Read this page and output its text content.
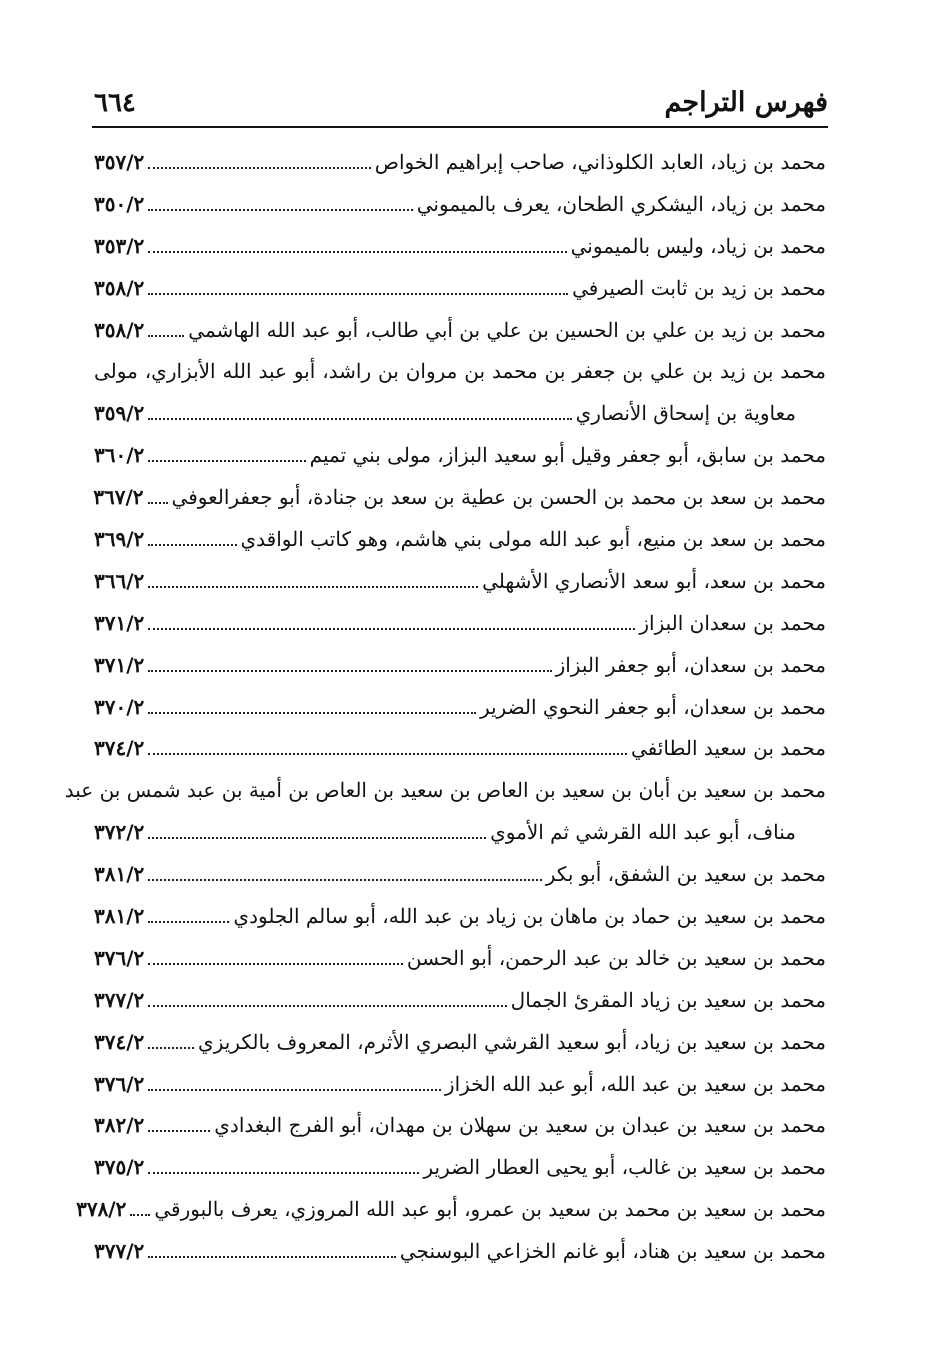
فهرس التراجم
٦٦٤
محمد بن زياد، العابد الكلوذاني، صاحب إبراهيم الخواص
٣٥٧/٢
محمد بن زياد، اليشكري الطحان، يعرف بالميموني
٣٥٠/٢
محمد بن زياد، وليس بالميموني
٣٥٣/٢
محمد بن زيد بن ثابت الصيرفي
٣٥٨/٢
محمد بن زيد بن علي بن الحسين بن علي بن أبي طالب، أبو عبد الله الهاشمي
٣٥٨/٢
محمد بن زيد بن علي بن جعفر بن محمد بن مروان بن راشد، أبو عبد الله الأبزاري، مولى
معاوية بن إسحاق الأنصاري
٣٥٩/٢
محمد بن سابق، أبو جعفر وقيل أبو سعيد البزاز، مولى بني تميم
٣٦٠/٢
محمد بن سعد بن محمد بن الحسن بن عطية بن سعد بن جنادة، أبو جعفرالعوفي
٣٦٧/٢
محمد بن سعد بن منيع، أبو عبد الله مولى بني هاشم، وهو كاتب الواقدي
٣٦٩/٢
محمد بن سعد، أبو سعد الأنصاري الأشهلي
٣٦٦/٢
محمد بن سعدان البزاز
٣٧١/٢
محمد بن سعدان، أبو جعفر البزاز
٣٧١/٢
محمد بن سعدان، أبو جعفر النحوي الضرير
٣٧٠/٢
محمد بن سعيد الطائفي
٣٧٤/٢
محمد بن سعيد بن أبان بن سعيد بن العاص بن سعيد بن العاص بن أمية بن عبد شمس بن عبد
مناف، أبو عبد الله القرشي ثم الأموي
٣٧٢/٢
محمد بن سعيد بن الشفق، أبو بكر
٣٨١/٢
محمد بن سعيد بن حماد بن ماهان بن زياد بن عبد الله، أبو سالم الجلودي
٣٨١/٢
محمد بن سعيد بن خالد بن عبد الرحمن، أبو الحسن
٣٧٦/٢
محمد بن سعيد بن زياد المقرئ الجمال
٣٧٧/٢
محمد بن سعيد بن زياد، أبو سعيد القرشي البصري الأثرم، المعروف بالكريزي
٣٧٤/٢
محمد بن سعيد بن عبد الله، أبو عبد الله الخزاز
٣٧٦/٢
محمد بن سعيد بن عبدان بن سعيد بن سهلان بن مهدان، أبو الفرج البغدادي
٣٨٢/٢
محمد بن سعيد بن غالب، أبو يحيى العطار الضرير
٣٧٥/٢
محمد بن سعيد بن محمد بن سعيد بن عمرو، أبو عبد الله المروزي، يعرف بالبورقي
٣٧٨/٢
محمد بن سعيد بن هناد، أبو غانم الخزاعي البوسنجي
٣٧٧/٢
